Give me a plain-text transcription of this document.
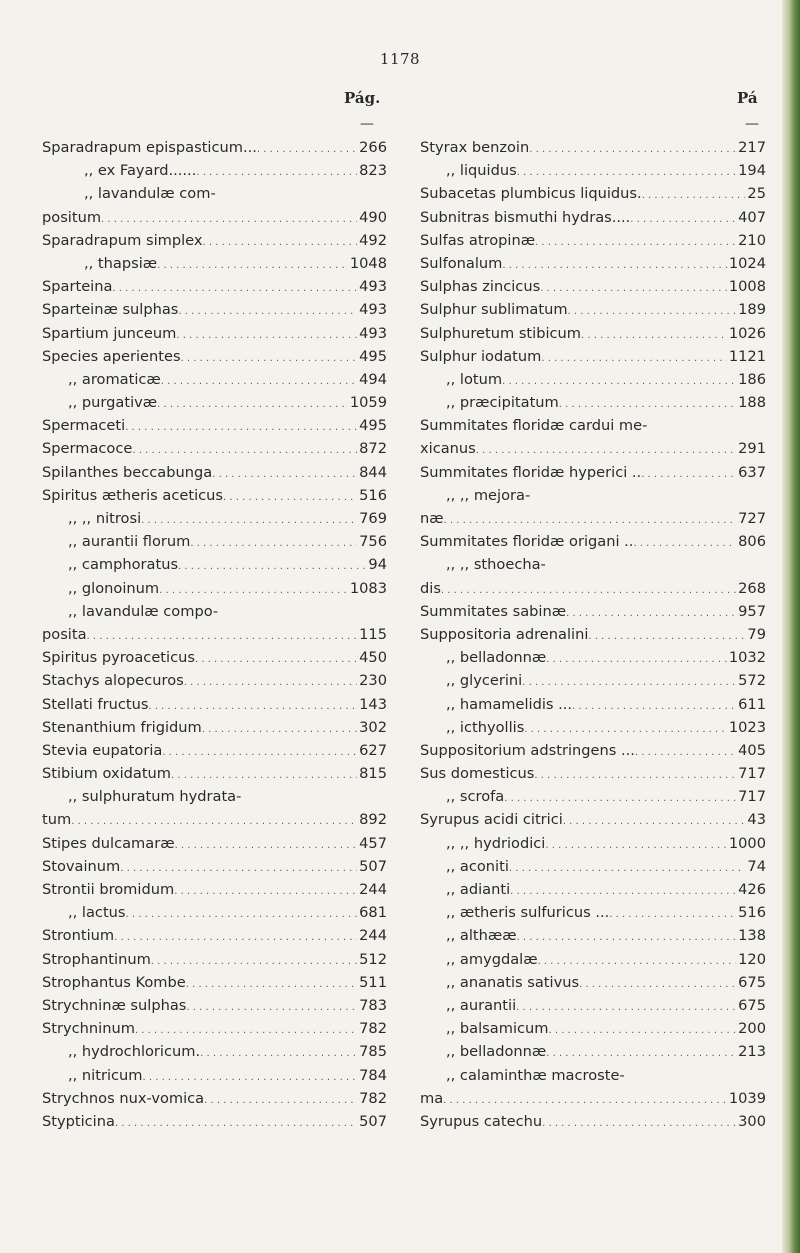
1178
Pág.	Pá
—	—
Sparadrapum epispasticum... . . .	266
,, ex Fayard...... . . .	823
,, lavandulæ com-
positum . . .	490
Sparadrapum simplex . . .	492
,, thapsiæ . . .	1048
Sparteina . . .	493
Sparteinæ sulphas . . .	493
Spartium junceum . . .	493
Species aperientes . . .	495
,, aromaticæ . . .	494
,, purgativæ . . .	1059
Spermaceti . . .	495
Spermacoce . . .	872
Spilanthes beccabunga . . .	844
Spiritus ætheris aceticus . . .	516
,, ,, nitrosi . . .	769
,, aurantii florum . . .	756
,, camphoratus . . .	94
,, glonoinum . . .	1083
,, lavandulæ compo-
posita . . .	115
Spiritus pyroaceticus . . .	450
Stachys alopecuros . . .	230
Stellati fructus . . .	143
Stenanthium frigidum . . .	302
Stevia eupatoria . . .	627
Stibium oxidatum . . .	815
,, sulphuratum hydrata-
tum . . .	892
Stipes dulcamaræ . . .	457
Stovainum . . .	507
Strontii bromidum . . .	244
,, lactus . . .	681
Strontium . . .	244
Strophantinum . . .	512
Strophantus Kombe . . .	511
Strychninæ sulphas . . .	783
Strychninum . . .	782
,, hydrochloricum. . . .	785
,, nitricum . . .	784
Strychnos nux-vomica . . .	782
Stypticina . . .	507
Styrax benzoin . . .	217
,, liquidus . . .	194
Subacetas plumbicus liquidus. . . .	25
Subnitras bismuthi hydras.... . . .	407
Sulfas atropinæ . . .	210
Sulfonalum . . .	1024
Sulphas zincicus . . .	1008
Sulphur sublimatum . . .	189
Sulphuretum stibicum . . .	1026
Sulphur iodatum . . .	1121
,, lotum . . .	186
,, præcipitatum . . .	188
Summitates floridæ cardui me-
xicanus . . .	291
Summitates floridæ hyperici .. . . .	637
,, ,, mejora-
næ . . .	727
Summitates floridæ origani .. . . .	806
,, ,, sthoecha-
dis . . .	268
Summitates sabinæ . . .	957
Suppositoria adrenalini . . .	79
,, belladonnæ . . .	1032
,, glycerini . . .	572
,, hamamelidis ... . . .	611
,, icthyollis . . .	1023
Suppositorium adstringens ... . . .	405
Sus domesticus . . .	717
,, scrofa . . .	717
Syrupus acidi citrici . . .	43
,, ,, hydriodici . . .	1000
,, aconiti . . .	74
,, adianti . . .	426
,, ætheris sulfuricus ... . . .	516
,, althææ . . .	138
,, amygdalæ . . .	120
,, ananatis sativus . . .	675
,, aurantii . . .	675
,, balsamicum . . .	200
,, belladonnæ . . .	213
,, calaminthæ macroste-
ma . . .	1039
Syrupus catechu . . .	300
